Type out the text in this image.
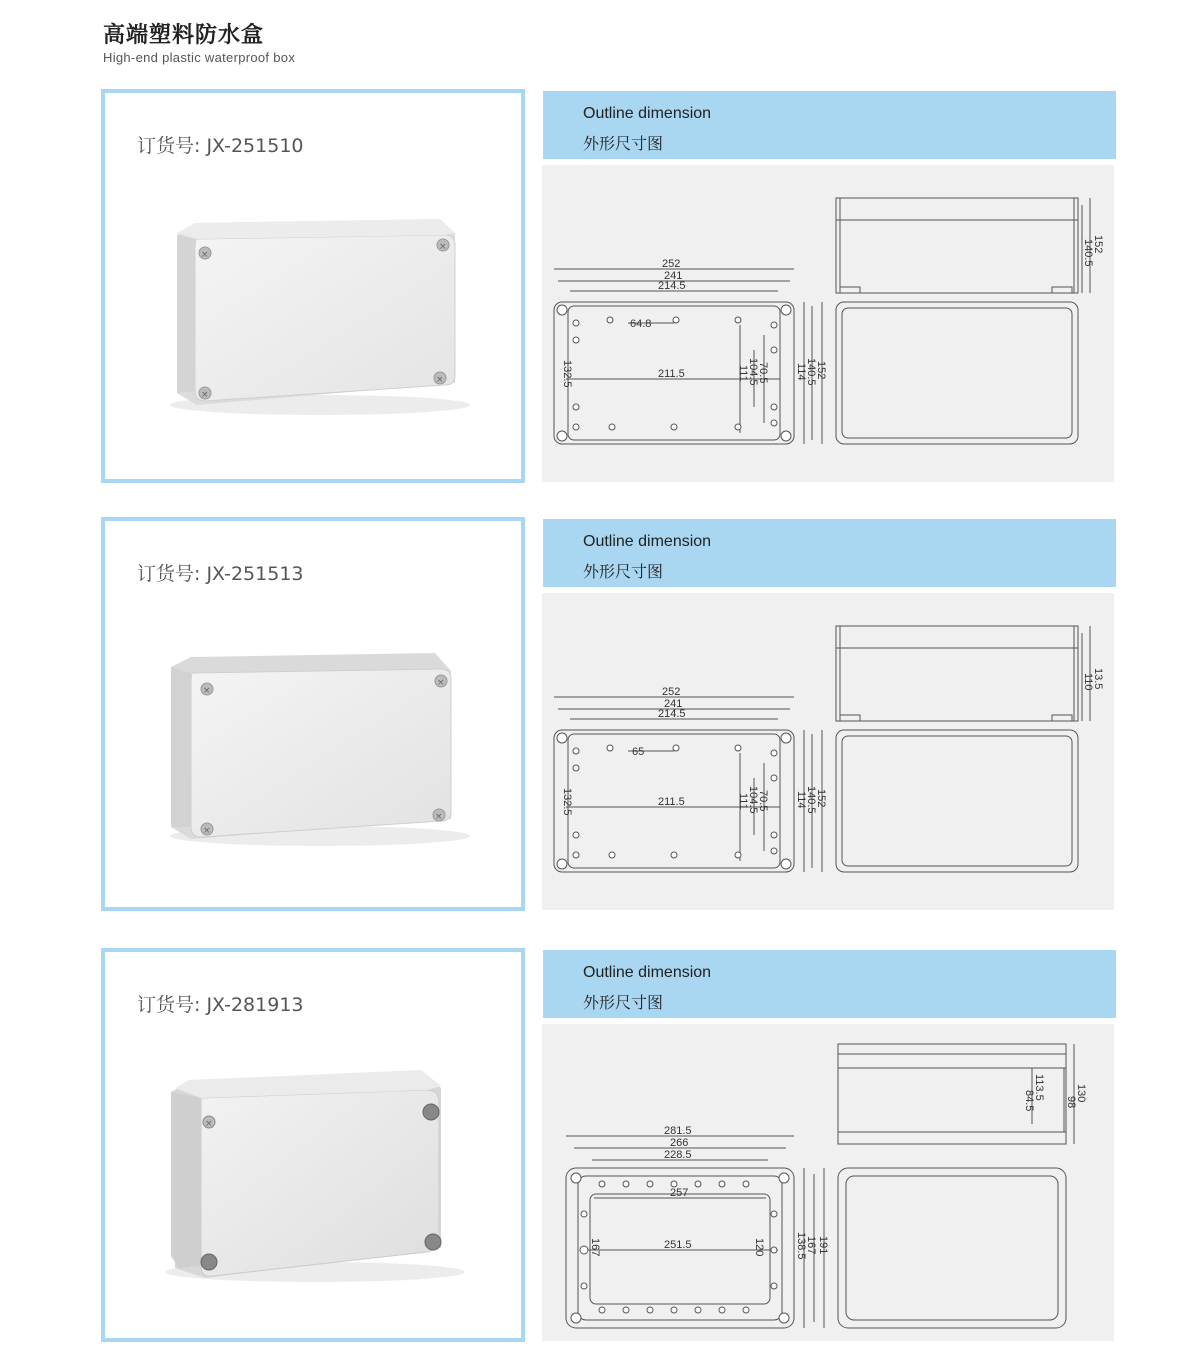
高端塑料防水盒
High-end plastic waterproof box
订货号: JX-251510
×
×
×
×
Outline dimension
外形尺寸图
252
241
214.5
64.8
211.5
132.5	70.5
104.5
111	114
140.5
152
140.5
152
订货号: JX-251513
×
×
×
×
Outline dimension
外形尺寸图
252
241
214.5
65
211.5
132.5	70.5
104.5
111	114
140.5
152
110
13.5
订货号: JX-281913
×
Outline dimension
外形尺寸图
281.5
266
228.5
257
251.5
167	120	138.5
167 191
113.5
84.5	98
130
